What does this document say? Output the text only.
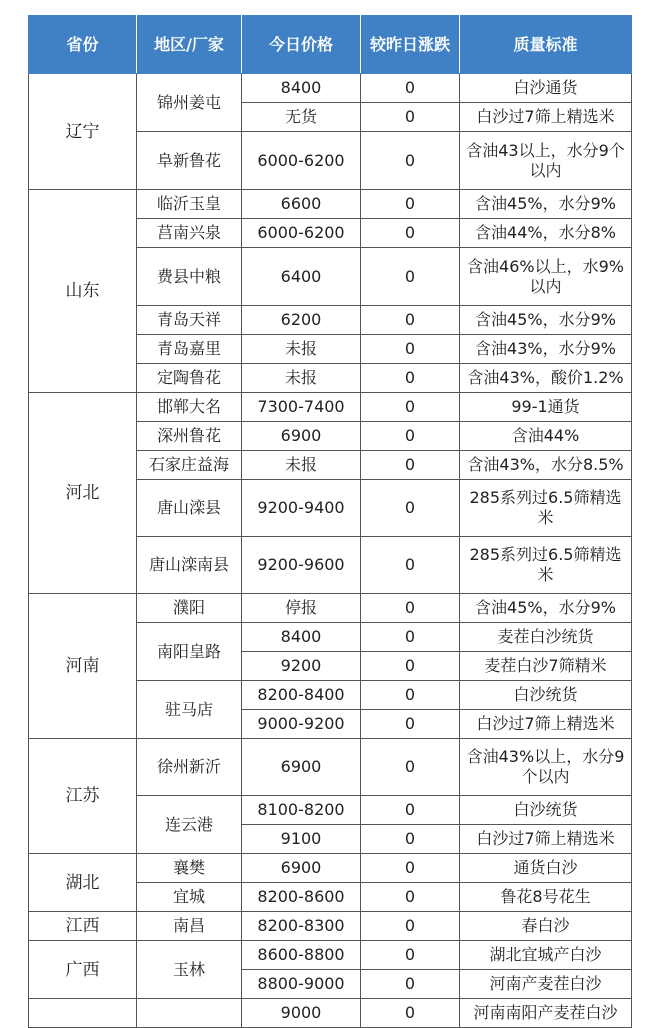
省份	地区/厂家	今日价格	较昨日涨跌	质量标准
辽宁	锦州姜屯	8400	0	白沙通货
		无货	0	白沙过7筛上精选米
	阜新鲁花	6000-6200	0	含油43以上，水分9个以内

山东	临沂玉皇	6600	0	含油45%，水分9%
	莒南兴泉	6000-6200	0	含油44%，水分8%
	费县中粮	6400	0	含油46%以上，水9%以内

	青岛天祥	6200	0	含油45%，水分9%
	青岛嘉里	未报	0	含油43%，水分9%
	定陶鲁花	未报	0	含油43%，酸价1.2%
河北	邯郸大名	7300-7400	0	99-1通货
	深州鲁花	6900	0	含油44%
	石家庄益海	未报	0	含油43%，水分8.5%
	唐山滦县	9200-9400	0	285系列过6.5筛精选米
	唐山滦南县	9200-9600	0	285系列过6.5筛精选米
河南	濮阳	停报	0	含油45%，水分9%
	南阳皇路	8400	0	麦茬白沙统货
		9200	0	麦茬白沙7筛精米
	驻马店	8200-8400	0	白沙统货
		9000-9200	0	白沙过7筛上精选米
江苏	徐州新沂	6900	0	含油43%以上，水分9个以内
	连云港	8100-8200	0	白沙统货
		9100	0	白沙过7筛上精选米
湖北	襄樊	6900	0	通货白沙
	宜城	8200-8600	0	鲁花8号花生
江西	南昌	8200-8300	0	春白沙
广西	玉林	8600-8800	0	湖北宜城产白沙
		8800-9000	0	河南产麦茬白沙
		9000	0	河南南阳产麦茬白沙
